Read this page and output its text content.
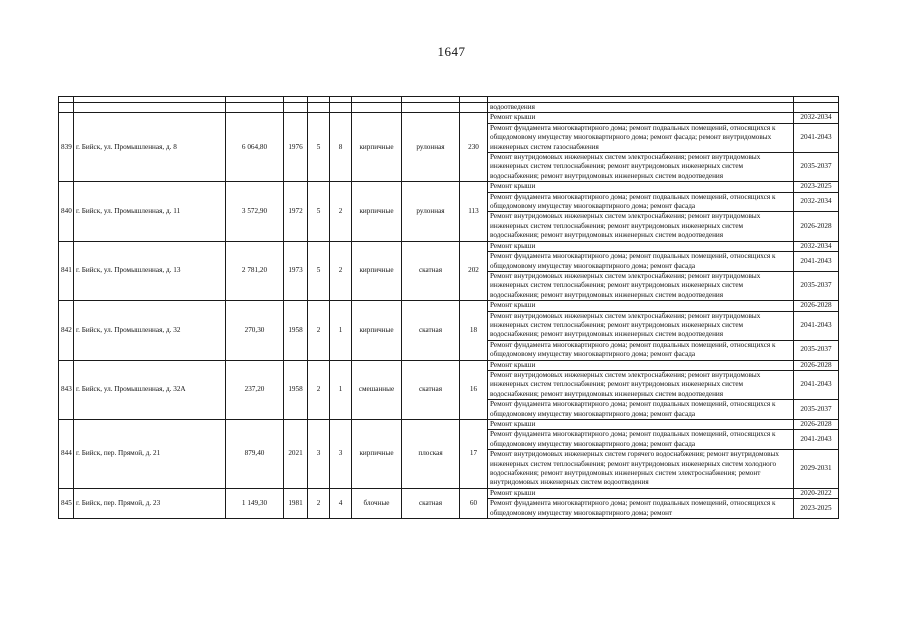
1647

									водоотведения	
839	г. Бийск, ул. Промышленная, д. 8	6 064,80	1976	5	8	кирпичные	рулонная	230	Ремонт крыши	2032-2034
									Ремонт фундамента многоквартирного дома; ремонт подвальных помещений, относящихся к общедомовому имуществу многоквартирного дома; ремонт фасада; ремонт внутридомовых инженерных систем газоснабжения	2041-2043
									Ремонт внутридомовых инженерных систем электроснабжения; ремонт внутридомовых инженерных систем теплоснабжения; ремонт внутридомовых инженерных систем водоснабжения; ремонт внутридомовых инженерных систем водоотведения	2035-2037
840	г. Бийск, ул. Промышленная, д. 11	3 572,90	1972	5	2	кирпичные	рулонная	113	Ремонт крыши	2023-2025
									Ремонт фундамента многоквартирного дома; ремонт подвальных помещений, относящихся к общедомовому имуществу многоквартирного дома; ремонт фасада	2032-2034
									Ремонт внутридомовых инженерных систем электроснабжения; ремонт внутридомовых инженерных систем теплоснабжения; ремонт внутридомовых инженерных систем водоснабжения; ремонт внутридомовых инженерных систем водоотведения	2026-2028
841	г. Бийск, ул. Промышленная, д. 13	2 781,20	1973	5	2	кирпичные	скатная	202	Ремонт крыши	2032-2034
									Ремонт фундамента многоквартирного дома; ремонт подвальных помещений, относящихся к общедомовому имуществу многоквартирного дома; ремонт фасада	2041-2043
									Ремонт внутридомовых инженерных систем электроснабжения; ремонт внутридомовых инженерных систем теплоснабжения; ремонт внутридомовых инженерных систем водоснабжения; ремонт внутридомовых инженерных систем водоотведения	2035-2037
842	г. Бийск, ул. Промышленная, д. 32	270,30	1958	2	1	кирпичные	скатная	18	Ремонт крыши	2026-2028
									Ремонт внутридомовых инженерных систем электроснабжения; ремонт внутридомовых инженерных систем теплоснабжения; ремонт внутридомовых инженерных систем водоснабжения; ремонт внутридомовых инженерных систем водоотведения	2041-2043
									Ремонт фундамента многоквартирного дома; ремонт подвальных помещений, относящихся к общедомовому имуществу многоквартирного дома; ремонт фасада	2035-2037
843	г. Бийск, ул. Промышленная, д. 32А	237,20	1958	2	1	смешанные	скатная	16	Ремонт крыши	2026-2028
									Ремонт внутридомовых инженерных систем электроснабжения; ремонт внутридомовых инженерных систем теплоснабжения; ремонт внутридомовых инженерных систем водоснабжения; ремонт внутридомовых инженерных систем водоотведения	2041-2043
									Ремонт фундамента многоквартирного дома; ремонт подвальных помещений, относящихся к общедомовому имуществу многоквартирного дома; ремонт фасада	2035-2037
844	г. Бийск, пер. Прямой, д. 21	879,40	2021	3	3	кирпичные	плоская	17	Ремонт крыши	2026-2028
									Ремонт фундамента многоквартирного дома; ремонт подвальных помещений, относящихся к общедомовому имуществу многоквартирного дома; ремонт фасада	2041-2043
									Ремонт внутридомовых инженерных систем горячего водоснабжения; ремонт внутридомовых инженерных систем теплоснабжения; ремонт внутридомовых инженерных систем холодного водоснабжения; ремонт внутридомовых инженерных систем электроснабжения; ремонт внутридомовых инженерных систем водоотведения	2029-2031
845	г. Бийск, пер. Прямой, д. 23	1 149,30	1981	2	4	блочные	скатная	60	Ремонт крыши	2020-2022
									Ремонт фундамента многоквартирного дома; ремонт подвальных помещений, относящихся к общедомовому имуществу многоквартирного дома; ремонт	2023-2025
